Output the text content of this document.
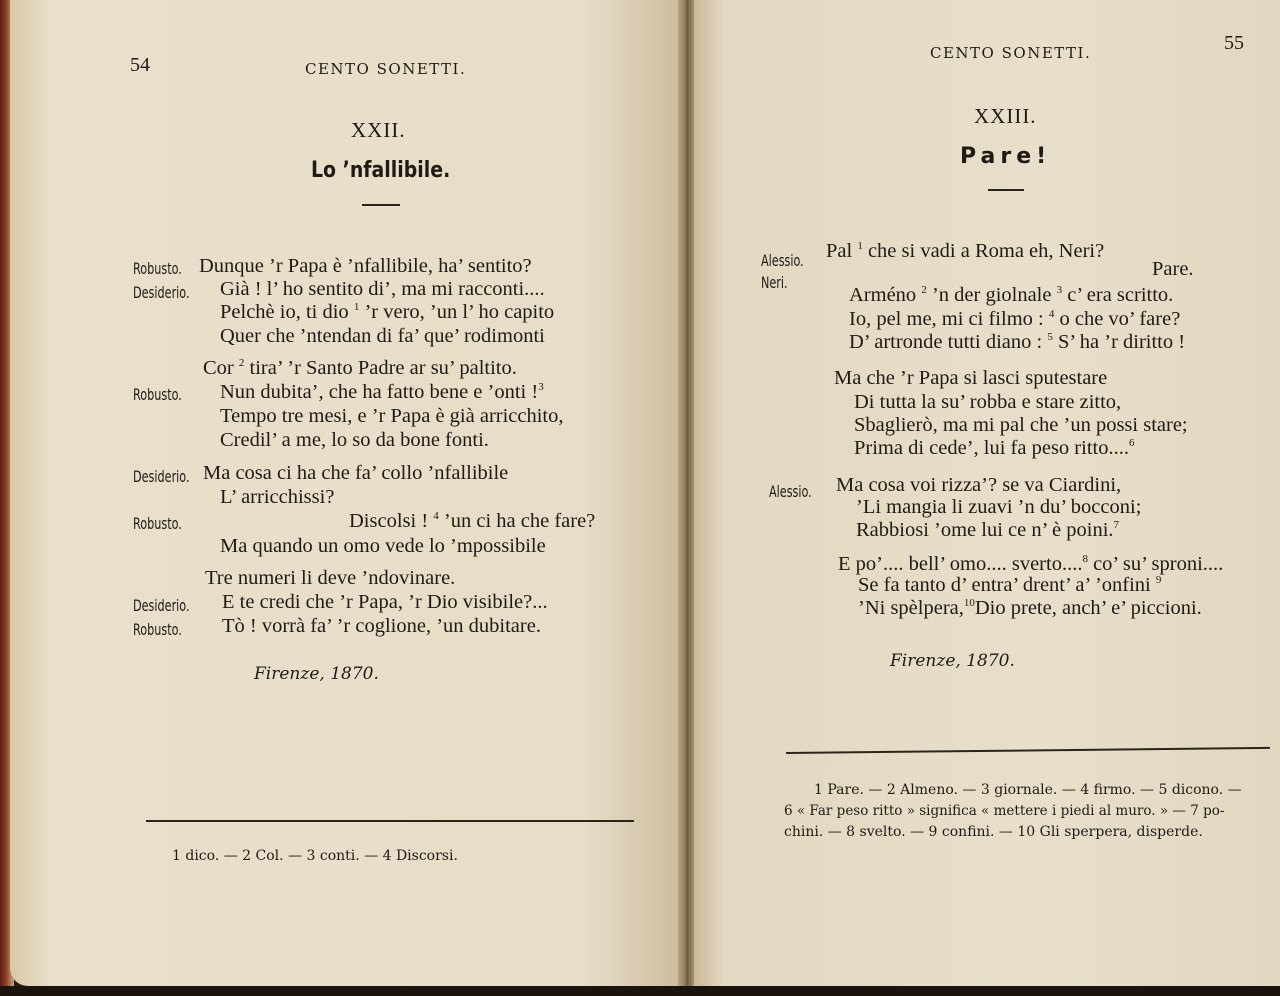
54	CENTO SONETTI.
XXII.
Lo ’nfallibile.
Robusto. Dunque ’r Papa è ’nfallibile, ha’ sentito?
Desiderio. Già ! l’ ho sentito di’, ma mi racconti....
Pelchè io, ti dio $^1$ ’r vero, ’un l’ ho capito
Quer che ’ntendan di fa’ que’ rodimonti
Cor $^2$ tira’ ’r Santo Padre ar su’ paltito.
Robusto. Nun dubita’, che ha fatto bene e ’onti !$^3$
Tempo tre mesi, e ’r Papa è già arricchito,
Credil’ a me, lo so da bone fonti.
Desiderio. Ma cosa ci ha che fa’ collo ’nfallibile
L’ arricchissi?
Robusto.	Discolsi ! $^4$ ’un ci ha che fare?
Ma quando un omo vede lo ’mpossibile
Tre numeri li deve ’ndovinare.
Desiderio. E te credi che ’r Papa, ’r Dio visibile?...
Robusto. Tò ! vorrà fa’ ’r coglione, ’un dubitare.
Firenze, 1870.
1 dico. — 2 Col. — 3 conti. — 4 Discorsi.
CENTO SONETTI.	55
XXIII.
Pare!
Alessio. Pal $^1$ che si vadi a Roma eh, Neri?
Neri.
Pare.
Arméno $^2$ ’n der giolnale $^3$ c’ era scritto.
Io, pel me, mi ci filmo : $^4$ o che vo’ fare?
D’ artronde tutti diano : $^5$ S’ ha ’r diritto !
Ma che ’r Papa si lasci sputestare
Di tutta la su’ robba e stare zitto,
Sbaglierò, ma mi pal che ’un possi stare;
Prima di cede’, lui fa peso ritto....$^6$
Alessio. Ma cosa voi rizza’? se va Ciardini,
’Li mangia li zuavi ’n du’ bocconi;
Rabbiosi ’ome lui ce n’ è poini.$^7$
E po’.... bell’ omo.... sverto....$^8$ co’ su’ sproni....
Se fa tanto d’ entra’ drent’ a’ ’onfini $^9$
’Ni spèlpera,$^{10}$Dio prete, anch’ e’ piccioni.
Firenze, 1870.
1 Pare. — 2 Almeno. — 3 giornale. — 4 firmo. — 5 dicono. —
6 « Far peso ritto » significa « mettere i piedi al muro. » — 7 po-
chini. — 8 svelto. — 9 confini. — 10 Gli sperpera, disperde.
